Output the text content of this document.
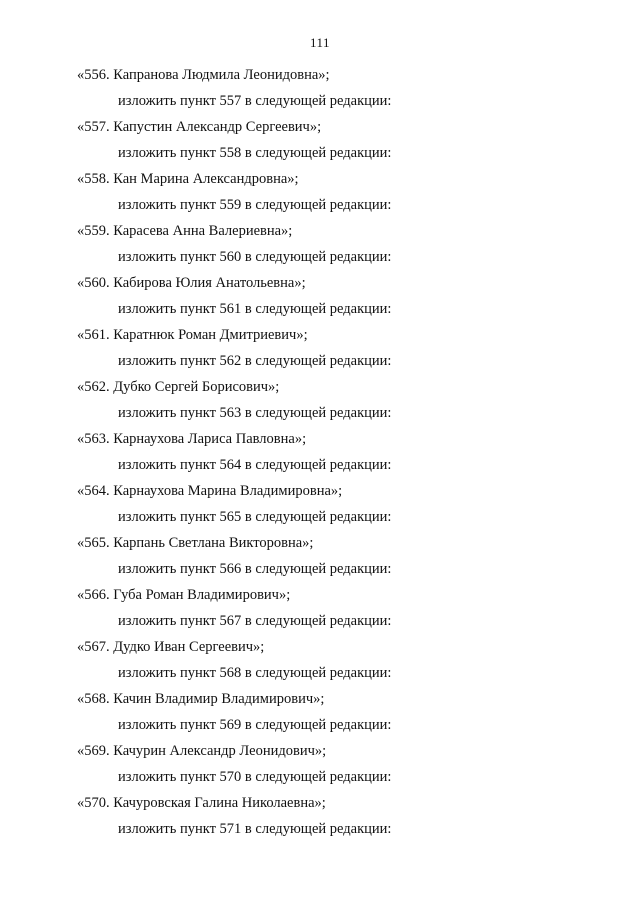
111
«556. Капранова Людмила Леонидовна»;
изложить пункт 557 в следующей редакции:
«557. Капустин Александр Сергеевич»;
изложить пункт 558 в следующей редакции:
«558. Кан Марина Александровна»;
изложить пункт 559 в следующей редакции:
«559. Карасева Анна Валериевна»;
изложить пункт 560 в следующей редакции:
«560. Кабирова Юлия Анатольевна»;
изложить пункт 561 в следующей редакции:
«561. Каратнюк Роман Дмитриевич»;
изложить пункт 562 в следующей редакции:
«562. Дубко Сергей Борисович»;
изложить пункт 563 в следующей редакции:
«563. Карнаухова Лариса Павловна»;
изложить пункт 564 в следующей редакции:
«564. Карнаухова Марина Владимировна»;
изложить пункт 565 в следующей редакции:
«565. Карпань Светлана Викторовна»;
изложить пункт 566 в следующей редакции:
«566. Губа Роман Владимирович»;
изложить пункт 567 в следующей редакции:
«567. Дудко Иван Сергеевич»;
изложить пункт 568 в следующей редакции:
«568. Качин Владимир Владимирович»;
изложить пункт 569 в следующей редакции:
«569. Качурин Александр Леонидович»;
изложить пункт 570 в следующей редакции:
«570. Качуровская Галина Николаевна»;
изложить пункт 571 в следующей редакции:
